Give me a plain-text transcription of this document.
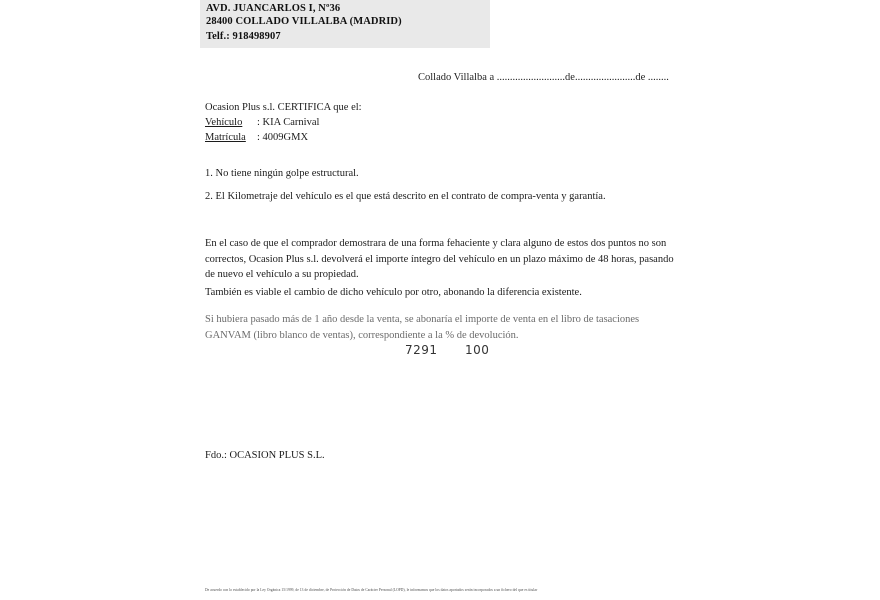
AVD. JUANCARLOS I, Nº36
28400 COLLADO VILLALBA (MADRID)
Telf.: 918498907
Collado Villalba a ..........................de.......................de ........
Ocasion Plus s.l. CERTIFICA que el:
Vehículo : KIA Carnival
Matrícula : 4009GMX
1. No tiene ningún golpe estructural.
2. El Kilometraje del vehículo es el que está descrito en el contrato de compra-venta y garantía.
En el caso de que el comprador demostrara de una forma fehaciente y clara alguno de estos dos puntos no son correctos, Ocasion Plus s.l. devolverá el importe íntegro del vehículo en un plazo máximo de 48 horas, pasando de nuevo el vehículo a su propiedad.
También es viable el cambio de dicho vehículo por otro, abonando la diferencia existente.
Si hubiera pasado más de 1 año desde la venta, se abonaría el importe de venta en el libro de tasaciones GANVAM (libro blanco de ventas), correspondiente a la % de devolución.
7291 100
Fdo.: OCASION PLUS S.L.
De acuerdo con lo establecido por la Ley Orgánica 15/1999, de 13 de diciembre, de Protección de Datos de Carácter Personal (LOPD), le informamos que los datos aportados serán incorporados a un fichero del que es titular
